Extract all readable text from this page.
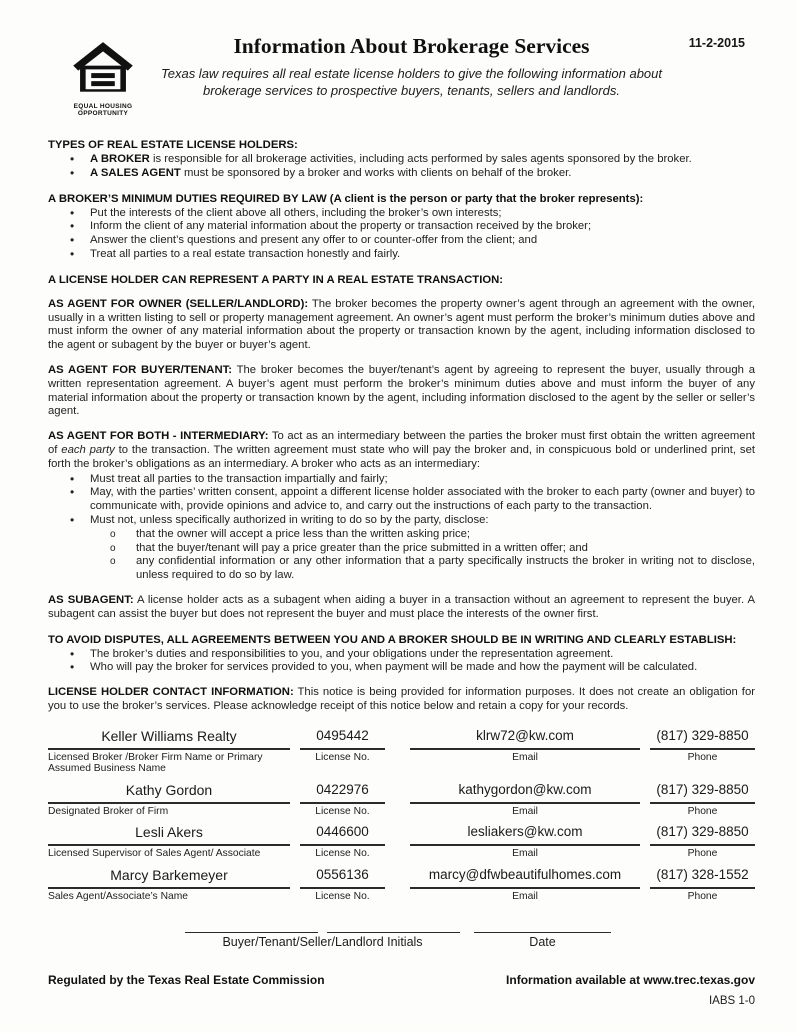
11-2-2015
EQUAL HOUSING
OPPORTUNITY
Information About Brokerage Services
Texas law requires all real estate license holders to give the following information about
brokerage services to prospective buyers, tenants, sellers and landlords.
TYPES OF REAL ESTATE LICENSE HOLDERS:
• A BROKER is responsible for all brokerage activities, including acts performed by sales agents sponsored by the broker.
• A SALES AGENT must be sponsored by a broker and works with clients on behalf of the broker.
A BROKER’S MINIMUM DUTIES REQUIRED BY LAW (A client is the person or party that the broker represents):
• Put the interests of the client above all others, including the broker’s own interests;
• Inform the client of any material information about the property or transaction received by the broker;
• Answer the client’s questions and present any offer to or counter-offer from the client; and
• Treat all parties to a real estate transaction honestly and fairly.
A LICENSE HOLDER CAN REPRESENT A PARTY IN A REAL ESTATE TRANSACTION:
AS AGENT FOR OWNER (SELLER/LANDLORD): The broker becomes the property owner’s agent through an agreement with the owner, usually in a written listing to sell or property management agreement. An owner’s agent must perform the broker’s minimum duties above and must inform the owner of any material information about the property or transaction known by the agent, including information disclosed to the agent or subagent by the buyer or buyer’s agent.
AS AGENT FOR BUYER/TENANT: The broker becomes the buyer/tenant’s agent by agreeing to represent the buyer, usually through a written representation agreement. A buyer’s agent must perform the broker’s minimum duties above and must inform the buyer of any material information about the property or transaction known by the agent, including information disclosed to the agent by the seller or seller’s agent.
AS AGENT FOR BOTH - INTERMEDIARY: To act as an intermediary between the parties the broker must first obtain the written agreement of each party to the transaction. The written agreement must state who will pay the broker and, in conspicuous bold or underlined print, set forth the broker’s obligations as an intermediary. A broker who acts as an intermediary:
• Must treat all parties to the transaction impartially and fairly;
• May, with the parties’ written consent, appoint a different license holder associated with the broker to each party (owner and buyer) to communicate with, provide opinions and advice to, and carry out the instructions of each party to the transaction.
• Must not, unless specifically authorized in writing to do so by the party, disclose:
o that the owner will accept a price less than the written asking price;
o that the buyer/tenant will pay a price greater than the price submitted in a written offer; and
o any confidential information or any other information that a party specifically instructs the broker in writing not to disclose, unless required to do so by law.
AS SUBAGENT: A license holder acts as a subagent when aiding a buyer in a transaction without an agreement to represent the buyer. A subagent can assist the buyer but does not represent the buyer and must place the interests of the owner first.
TO AVOID DISPUTES, ALL AGREEMENTS BETWEEN YOU AND A BROKER SHOULD BE IN WRITING AND CLEARLY ESTABLISH:
• The broker’s duties and responsibilities to you, and your obligations under the representation agreement.
• Who will pay the broker for services provided to you, when payment will be made and how the payment will be calculated.
LICENSE HOLDER CONTACT INFORMATION: This notice is being provided for information purposes. It does not create an obligation for you to use the broker’s services. Please acknowledge receipt of this notice below and retain a copy for your records.
Keller Williams Realty
Licensed Broker /Broker Firm Name or Primary Assumed Business Name
0495442
License No.
klrw72@kw.com
Email
(817) 329-8850
Phone
Kathy Gordon
Designated Broker of Firm
0422976
License No.
kathygordon@kw.com
Email
(817) 329-8850
Phone
Lesli Akers
Licensed Supervisor of Sales Agent/ Associate
0446600
License No.
lesliakers@kw.com
Email
(817) 329-8850
Phone
Marcy Barkemeyer
Sales Agent/Associate’s Name
0556136
License No.
marcy@dfwbeautifulhomes.com
Email
(817) 328-1552
Phone
Buyer/Tenant/Seller/Landlord Initials	Date
Regulated by the Texas Real Estate Commission	Information available at www.trec.texas.gov
IABS 1-0
